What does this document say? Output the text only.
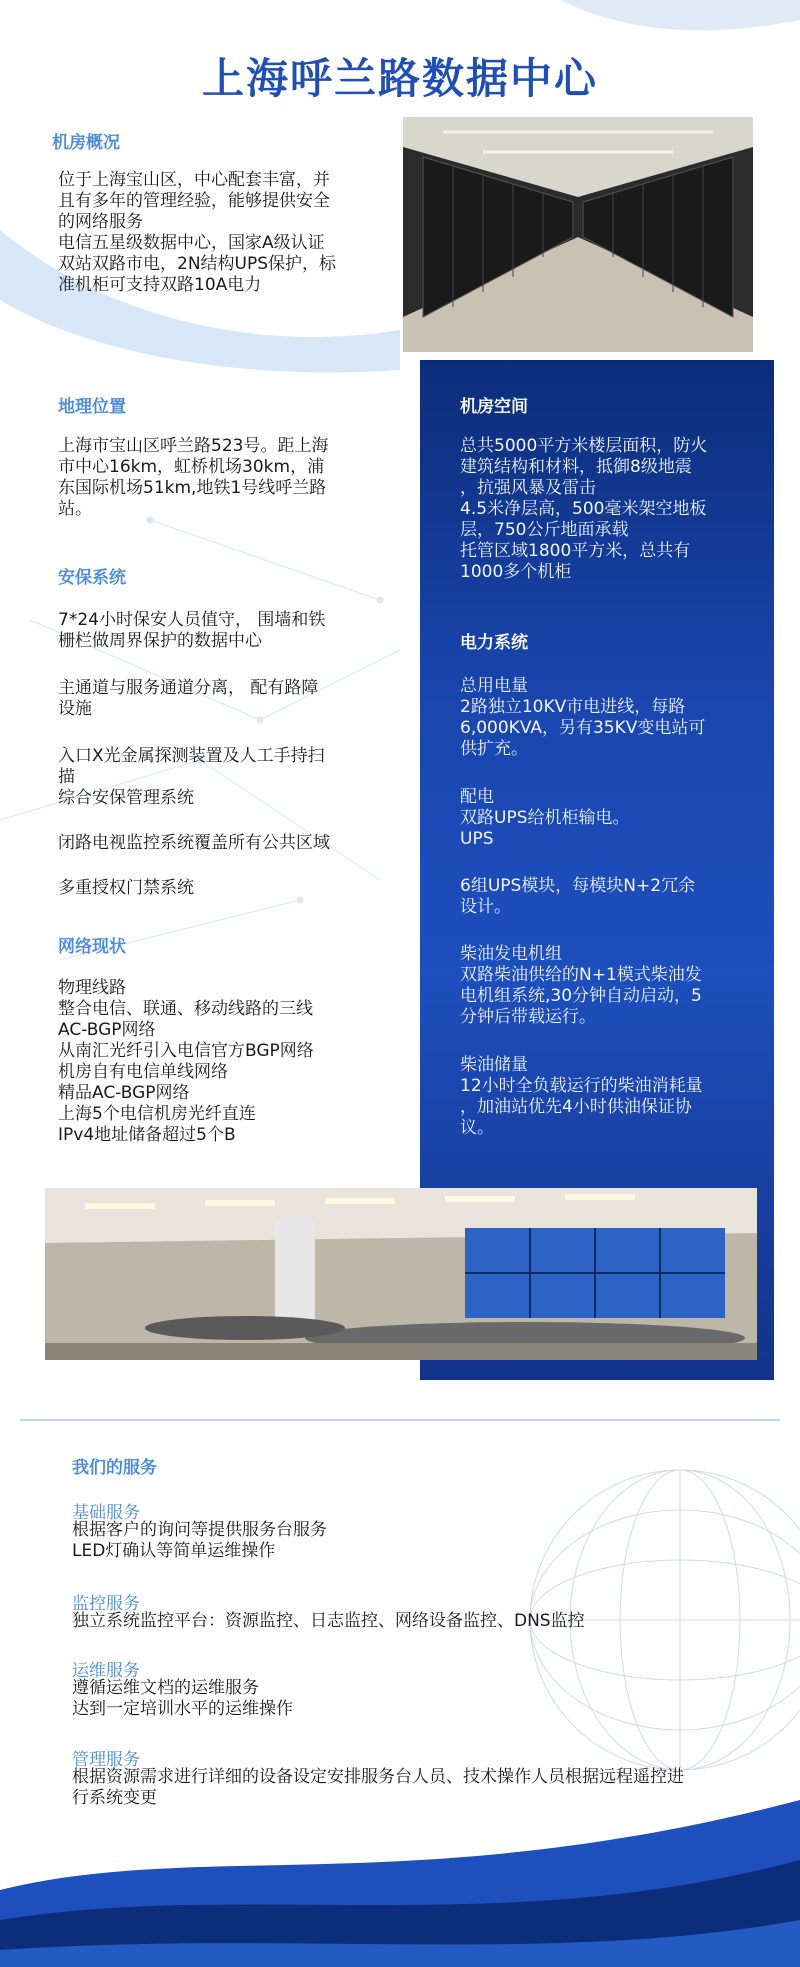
上海呼兰路数据中心
机房概况
位于上海宝山区，中心配套丰富，并
且有多年的管理经验，能够提供安全
的网络服务
电信五星级数据中心，国家A级认证
双站双路市电，2N结构UPS保护，标
准机柜可支持双路10A电力
地理位置
上海市宝山区呼兰路523号。距上海
市中心16km，虹桥机场30km，浦
东国际机场51km,地铁1号线呼兰路
站。
安保系统
7*24小时保安人员值守， 围墙和铁
栅栏做周界保护的数据中心
主通道与服务通道分离， 配有路障
设施
入口X光金属探测装置及人工手持扫
描
综合安保管理系统
闭路电视监控系统覆盖所有公共区域
多重授权门禁系统
网络现状
物理线路
整合电信、联通、移动线路的三线
AC-BGP网络
从南汇光纤引入电信官方BGP网络
机房自有电信单线网络
精品AC-BGP网络
上海5个电信机房光纤直连
IPv4地址储备超过5个B
机房空间
总共5000平方米楼层面积，防火
建筑结构和材料，抵御8级地震
，抗强风暴及雷击
4.5米净层高，500毫米架空地板
层，750公斤地面承载
托管区域1800平方米，总共有
1000多个机柜
电力系统
总用电量
2路独立10KV市电进线，每路
6,000KVA，另有35KV变电站可
供扩充。
配电
双路UPS给机柜输电。
UPS
6组UPS模块，每模块N+2冗余
设计。
柴油发电机组
双路柴油供给的N+1模式柴油发
电机组系统,30分钟自动启动，5
分钟后带载运行。
柴油储量
12小时全负载运行的柴油消耗量
，加油站优先4小时供油保证协
议。
我们的服务
基础服务
根据客户的询问等提供服务台服务
LED灯确认等简单运维操作
监控服务
独立系统监控平台：资源监控、日志监控、网络设备监控、DNS监控
运维服务
遵循运维文档的运维服务
达到一定培训水平的运维操作
管理服务
根据资源需求进行详细的设备设定安排服务台人员、技术操作人员根据远程遥控进
行系统变更
